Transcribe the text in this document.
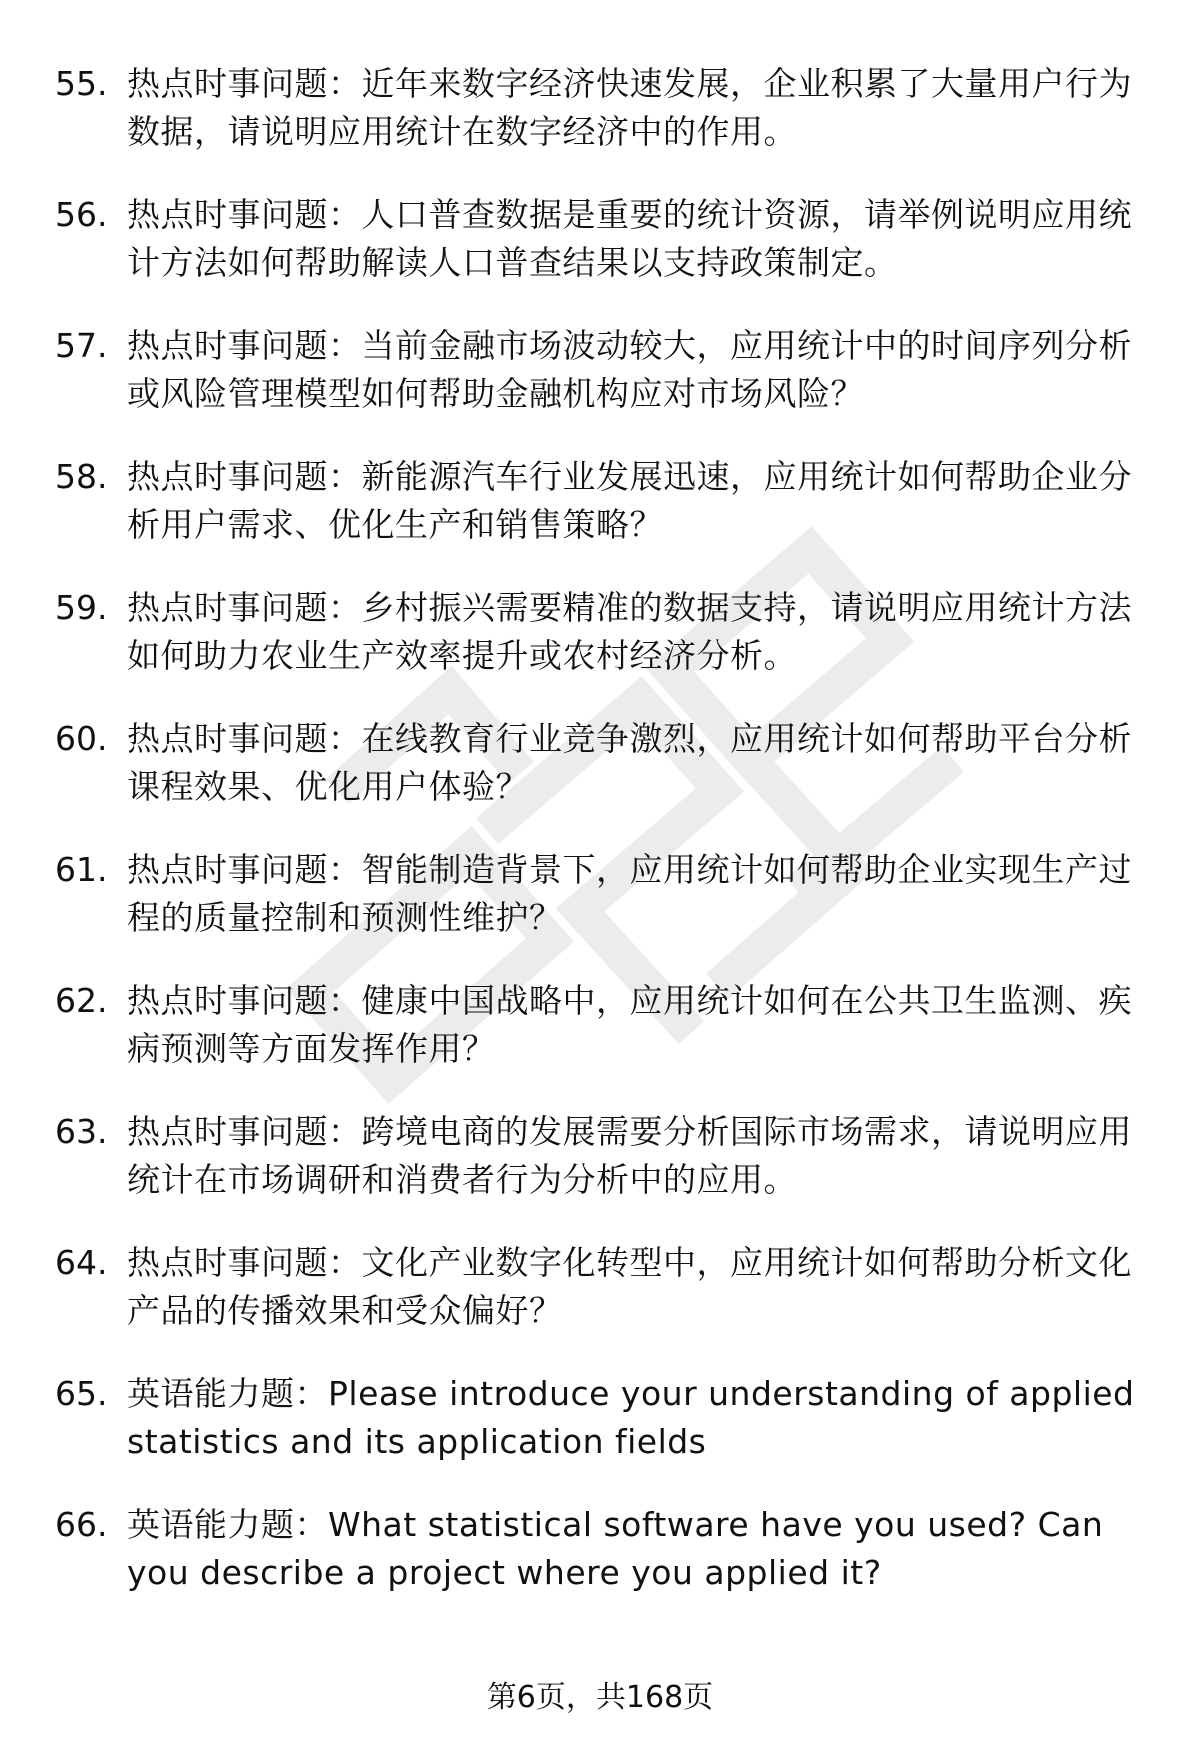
55. 热点时事问题：近年来数字经济快速发展，企业积累了大量用户行为数据，请说明应用统计在数字经济中的作用。
56. 热点时事问题：人口普查数据是重要的统计资源，请举例说明应用统计方法如何帮助解读人口普查结果以支持政策制定。
57. 热点时事问题：当前金融市场波动较大，应用统计中的时间序列分析或风险管理模型如何帮助金融机构应对市场风险？
58. 热点时事问题：新能源汽车行业发展迅速，应用统计如何帮助企业分析用户需求、优化生产和销售策略？
59. 热点时事问题：乡村振兴需要精准的数据支持，请说明应用统计方法如何助力农业生产效率提升或农村经济分析。
60. 热点时事问题：在线教育行业竞争激烈，应用统计如何帮助平台分析课程效果、优化用户体验？
61. 热点时事问题：智能制造背景下，应用统计如何帮助企业实现生产过程的质量控制和预测性维护？
62. 热点时事问题：健康中国战略中，应用统计如何在公共卫生监测、疾病预测等方面发挥作用？
63. 热点时事问题：跨境电商的发展需要分析国际市场需求，请说明应用统计在市场调研和消费者行为分析中的应用。
64. 热点时事问题：文化产业数字化转型中，应用统计如何帮助分析文化产品的传播效果和受众偏好？
65. 英语能力题：Please introduce your understanding of applied statistics and its application fields
66. 英语能力题：What statistical software have you used? Can you describe a project where you applied it?
第6页，共168页
